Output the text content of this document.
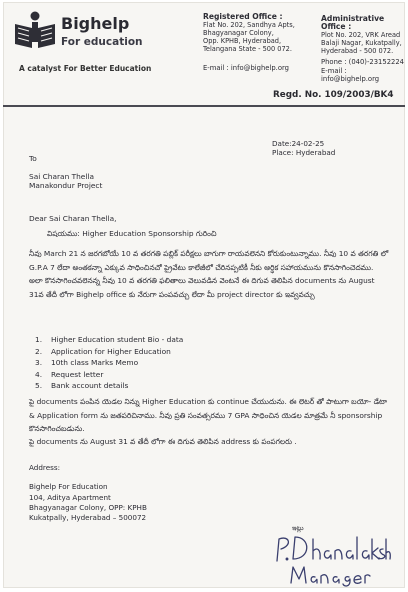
Bighelp
For education
A catalyst For Better Education
Registered Office :
Flat No. 202, Sandhya Apts,
Bhagyanagar Colony,
Opp. KPHB, Hyderabad,
Telangana State - 500 072.
E-mail : info@bighelp.org
Administrative Office :
Plot No. 202, VRK Aread
Balaji Nagar, Kukatpally,
Hyderabad - 500 072.
Phone : (040)-23152224
E-mail : info@bighelp.org
Regd. No. 109/2003/BK4
Date:24-02-25
Place: Hyderabad
To
Sai Charan Thella
Manakondur Project
Dear Sai Charan Thella,
విషయము: Higher Education Sponsorship గురించి
నీవు March 21 న జరగబోయే 10 వ తరగతి పబ్లిక్ పరీక్షలు బాగుగా రాయవలెనని కోరుకుంటున్నాము. నీవు 10 వ తరగతి లో G.P.A 7 లేదా అంతకన్నా ఎక్కువ సాధించినచో ప్రైవేటు కాలేజీలో చేరినప్పటికీ నీకు ఆర్థిక సహాయమును కొనసాగించెదము. అలా కొనసాగించవలెనన్న నీవు 10 వ తరగతి ఫలితాలు వెలువడిన వెంటనే ఈ దిగువ తెలిపిన documents ను August 31వ తేదీ లోగా Bighelp office కు నేరుగా పంపవచ్చు లేదా మీ project director కు ఇవ్వవచ్చు
Higher Education student Bio - data
Application for Higher Education
10th class Marks Memo
Request letter
Bank account details
పై documents పంపిన యెడల నిన్ను Higher Education కు continue చేయుదును. ఈ లెటర్ తో పాటుగా బయో- డేటా & Application form ను జతపరిచినాము. నీవు ప్రతి సంవత్సరము 7 GPA సాధించిన యెడల మాత్రమే నీ sponsorship కొనసాగించబడును.
పై documents ను August 31 వ తేదీ లోగా ఈ దిగువ తెలిపిన address కు పంపగలరు .
Address:
Bighelp For Education
104, Aditya Apartment
Bhagyanagar Colony, OPP: KPHB
Kukatpally, Hyderabad – 500072
ఇట్లు
